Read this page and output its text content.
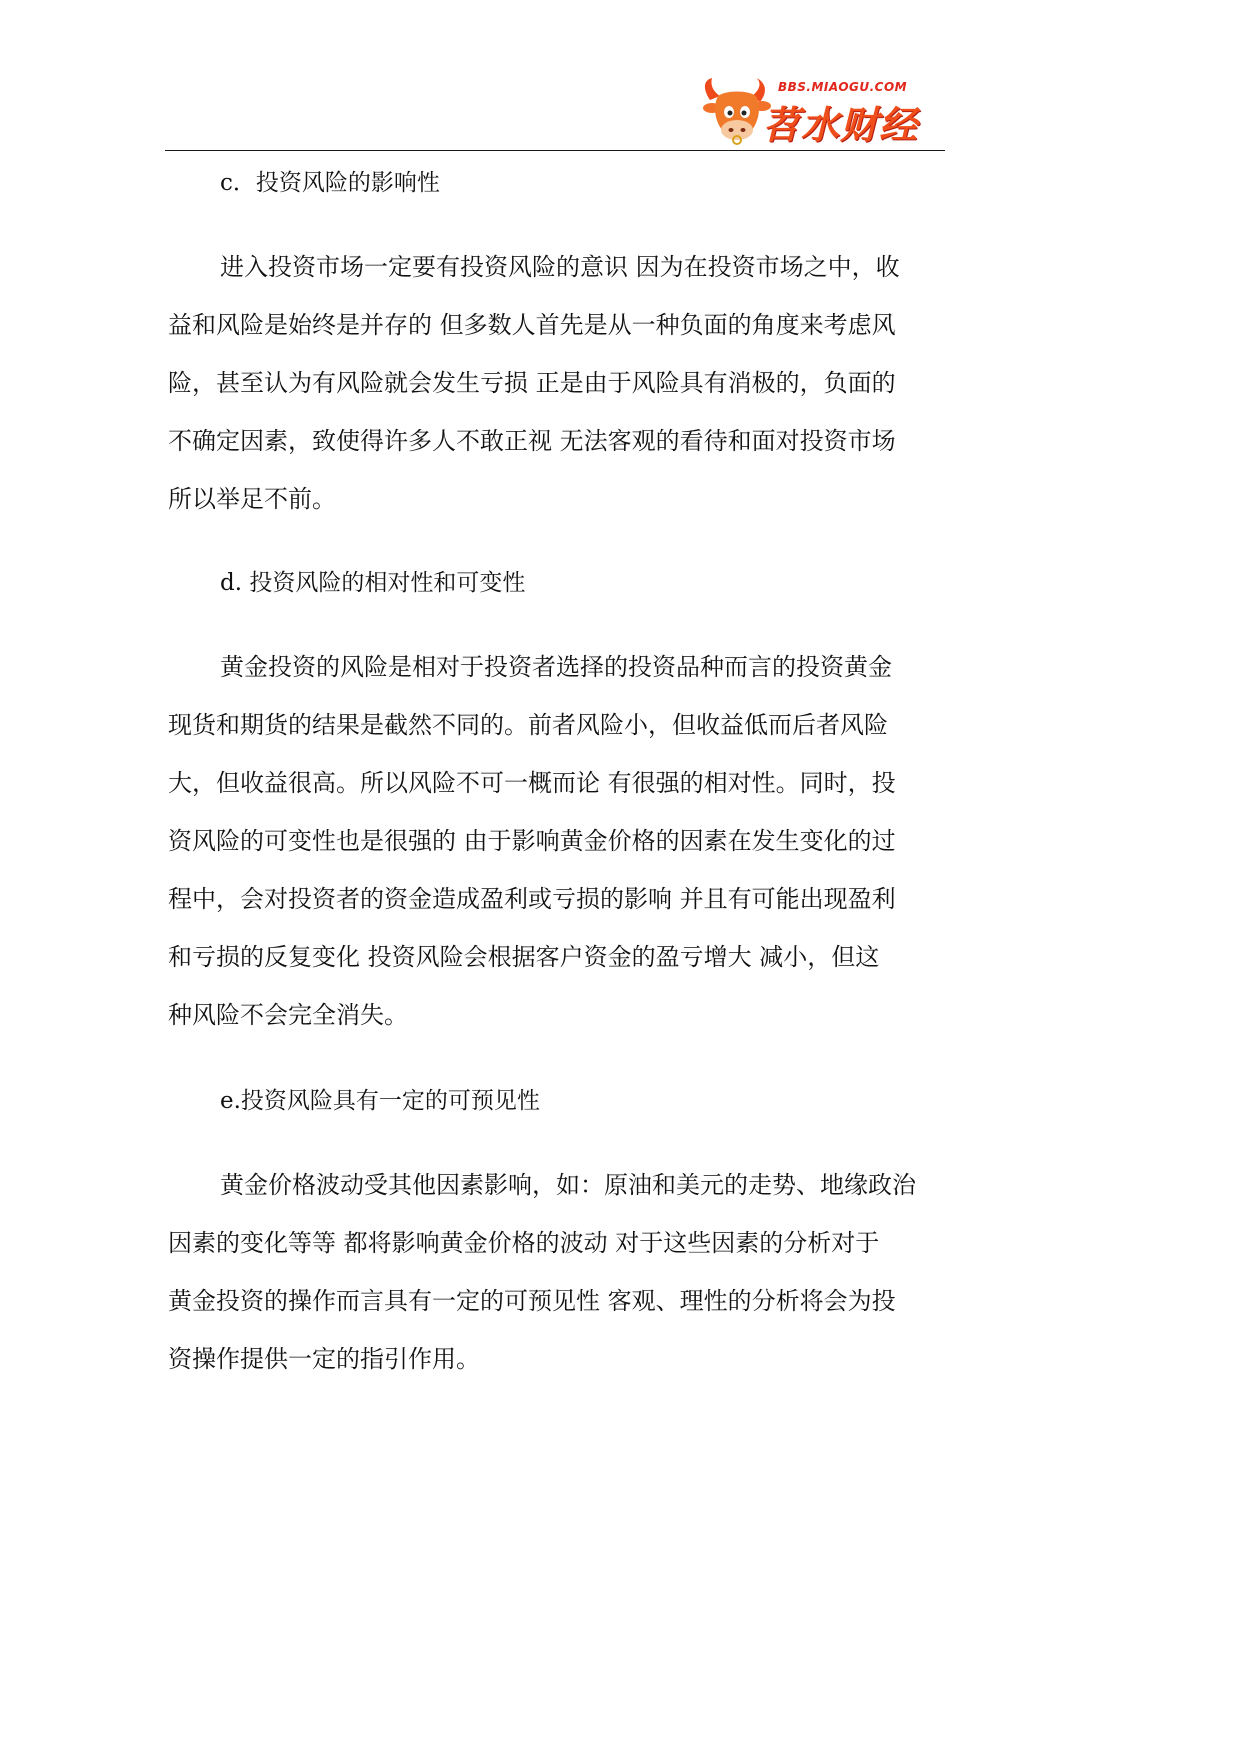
BBS.MIAOGU.COM
苕水财经
c．投资风险的影响性
进入投资市场一定要有投资风险的意识 因为在投资市场之中，收
益和风险是始终是并存的 但多数人首先是从一种负面的角度来考虑风
险，甚至认为有风险就会发生亏损 正是由于风险具有消极的，负面的
不确定因素，致使得许多人不敢正视 无法客观的看待和面对投资市场
所以举足不前。
d. 投资风险的相对性和可变性
黄金投资的风险是相对于投资者选择的投资品种而言的投资黄金
现货和期货的结果是截然不同的。前者风险小，但收益低而后者风险
大，但收益很高。所以风险不可一概而论 有很强的相对性。同时，投
资风险的可变性也是很强的 由于影响黄金价格的因素在发生变化的过
程中，会对投资者的资金造成盈利或亏损的影响 并且有可能出现盈利
和亏损的反复变化 投资风险会根据客户资金的盈亏增大 减小，但这
种风险不会完全消失。
e.投资风险具有一定的可预见性
黄金价格波动受其他因素影响，如：原油和美元的走势、地缘政治
因素的变化等等 都将影响黄金价格的波动 对于这些因素的分析对于
黄金投资的操作而言具有一定的可预见性 客观、理性的分析将会为投
资操作提供一定的指引作用。
